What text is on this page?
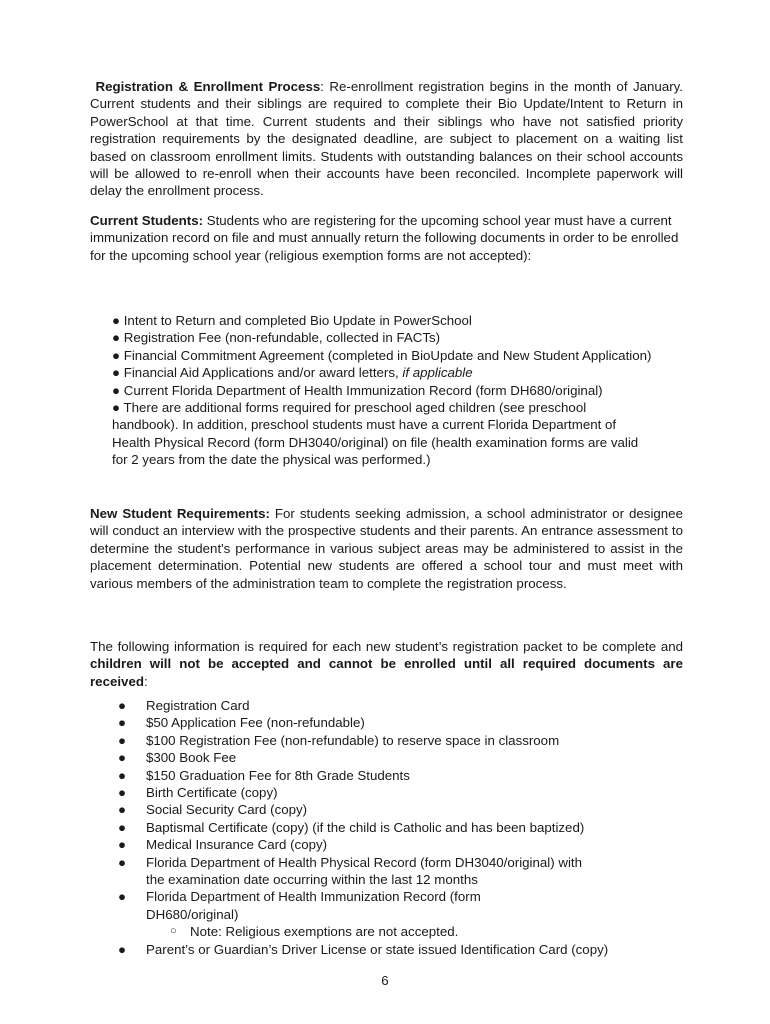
Registration & Enrollment Process: Re-enrollment registration begins in the month of January. Current students and their siblings are required to complete their Bio Update/Intent to Return in PowerSchool at that time. Current students and their siblings who have not satisfied priority registration requirements by the designated deadline, are subject to placement on a waiting list based on classroom enrollment limits. Students with outstanding balances on their school accounts will be allowed to re-enroll when their accounts have been reconciled. Incomplete paperwork will delay the enrollment process.
Current Students: Students who are registering for the upcoming school year must have a current immunization record on file and must annually return the following documents in order to be enrolled for the upcoming school year (religious exemption forms are not accepted):
● Intent to Return and completed Bio Update in PowerSchool
● Registration Fee (non-refundable, collected in FACTs)
● Financial Commitment Agreement (completed in BioUpdate and New Student Application)
● Financial Aid Applications and/or award letters, if applicable
● Current Florida Department of Health Immunization Record (form DH680/original)
● There are additional forms required for preschool aged children (see preschool handbook). In addition, preschool students must have a current Florida Department of Health Physical Record (form DH3040/original) on file (health examination forms are valid for 2 years from the date the physical was performed.)
New Student Requirements: For students seeking admission, a school administrator or designee will conduct an interview with the prospective students and their parents. An entrance assessment to determine the student's performance in various subject areas may be administered to assist in the placement determination. Potential new students are offered a school tour and must meet with various members of the administration team to complete the registration process.
The following information is required for each new student’s registration packet to be complete and children will not be accepted and cannot be enrolled until all required documents are received:
● Registration Card
● $50 Application Fee (non-refundable)
● $100 Registration Fee (non-refundable) to reserve space in classroom
● $300 Book Fee
● $150 Graduation Fee for 8th Grade Students
● Birth Certificate (copy)
● Social Security Card (copy)
● Baptismal Certificate (copy) (if the child is Catholic and has been baptized)
● Medical Insurance Card (copy)
● Florida Department of Health Physical Record (form DH3040/original) with the examination date occurring within the last 12 months
● Florida Department of Health Immunization Record (form DH680/original)
○ Note: Religious exemptions are not accepted.
● Parent’s or Guardian’s Driver License or state issued Identification Card (copy)
6
